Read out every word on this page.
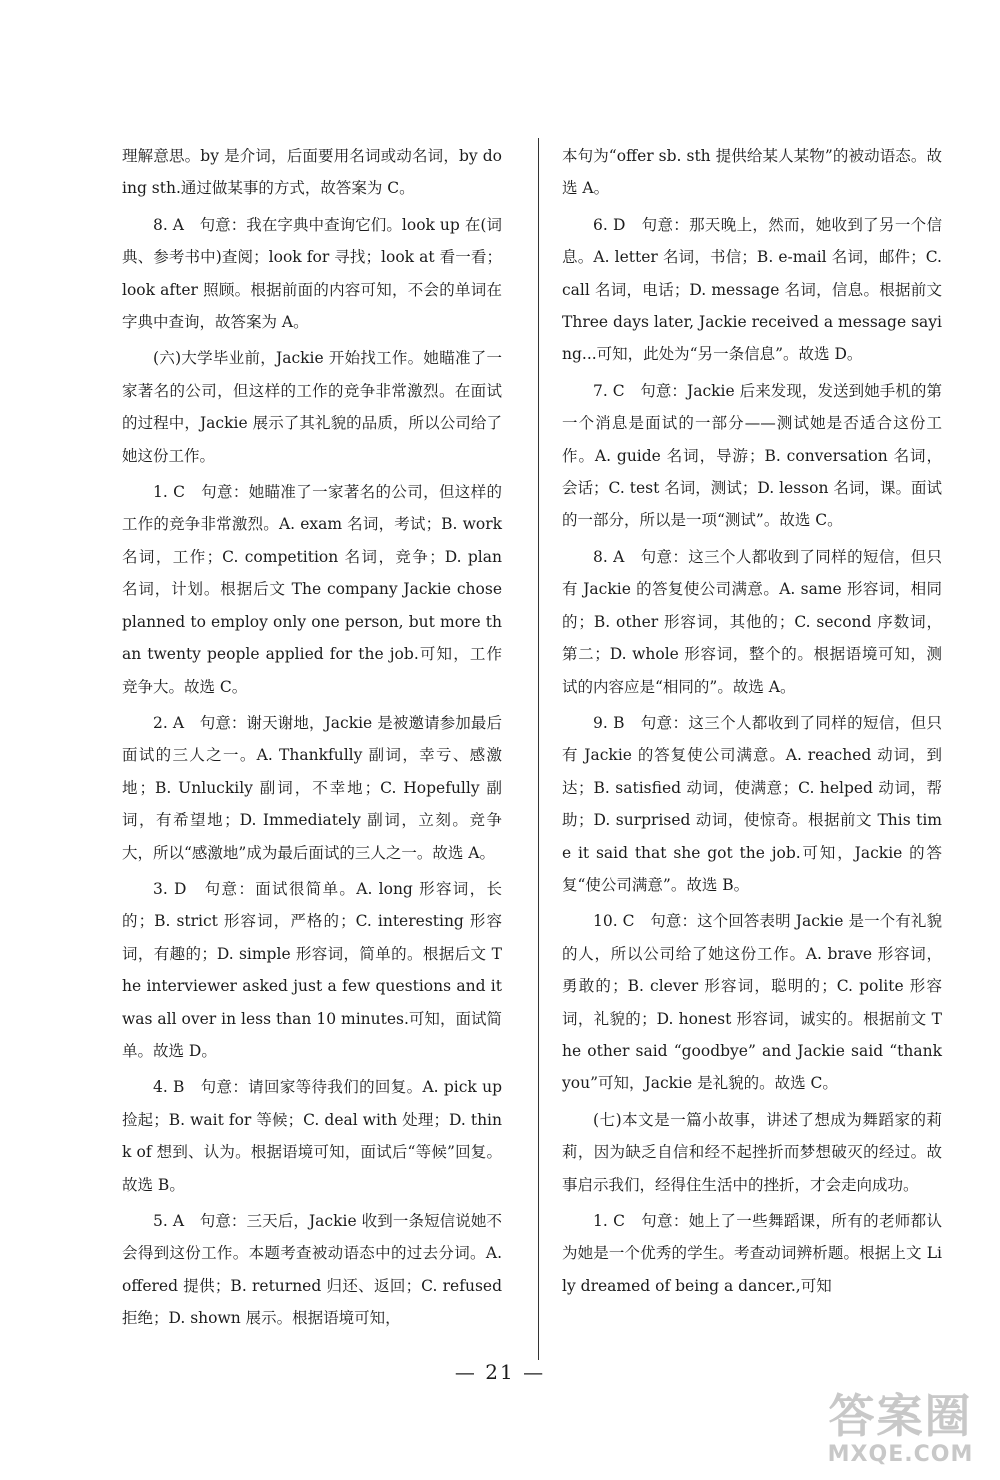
理解意思。by 是介词，后面要用名词或动名词，by doing sth.通过做某事的方式，故答案为 C。

8. A　句意：我在字典中查询它们。look up 在(词典、参考书中)查阅；look for 寻找；look at 看一看；look after 照顾。根据前面的内容可知，不会的单词在字典中查询，故答案为 A。

(六)大学毕业前，Jackie 开始找工作。她瞄准了一家著名的公司，但这样的工作的竞争非常激烈。在面试的过程中，Jackie 展示了其礼貌的品质，所以公司给了她这份工作。

1. C　句意：她瞄准了一家著名的公司，但这样的工作的竞争非常激烈。A. exam 名词，考试；B. work 名词，工作；C. competition 名词，竞争；D. plan 名词，计划。根据后文 The company Jackie chose planned to employ only one person, but more than twenty people applied for the job.可知，工作竞争大。故选 C。

2. A　句意：谢天谢地，Jackie 是被邀请参加最后面试的三人之一。A. Thankfully 副词，幸亏、感激地；B. Unluckily 副词，不幸地；C. Hopefully 副词，有希望地；D. Immediately 副词，立刻。竞争大，所以“感激地”成为最后面试的三人之一。故选 A。

3. D　句意：面试很简单。A. long 形容词，长的；B. strict 形容词，严格的；C. interesting 形容词，有趣的；D. simple 形容词，简单的。根据后文 The interviewer asked just a few questions and it was all over in less than 10 minutes.可知，面试简单。故选 D。

4. B　句意：请回家等待我们的回复。A. pick up 捡起；B. wait for 等候；C. deal with 处理；D. think of 想到、认为。根据语境可知，面试后“等候”回复。故选 B。

5. A　句意：三天后，Jackie 收到一条短信说她不会得到这份工作。本题考查被动语态中的过去分词。A. offered 提供；B. returned 归还、返回；C. refused 拒绝；D. shown 展示。根据语境可知，

本句为“offer sb. sth 提供给某人某物”的被动语态。故选 A。

6. D　句意：那天晚上，然而，她收到了另一个信息。A. letter 名词，书信；B. e-mail 名词，邮件；C. call 名词，电话；D. message 名词，信息。根据前文 Three days later, Jackie received a message saying...可知，此处为“另一条信息”。故选 D。

7. C　句意：Jackie 后来发现，发送到她手机的第一个消息是面试的一部分——测试她是否适合这份工作。A. guide 名词，导游；B. conversation 名词，会话；C. test 名词，测试；D. lesson 名词，课。面试的一部分，所以是一项“测试”。故选 C。

8. A　句意：这三个人都收到了同样的短信，但只有 Jackie 的答复使公司满意。A. same 形容词，相同的；B. other 形容词，其他的；C. second 序数词，第二；D. whole 形容词，整个的。根据语境可知，测试的内容应是“相同的”。故选 A。

9. B　句意：这三个人都收到了同样的短信，但只有 Jackie 的答复使公司满意。A. reached 动词，到达；B. satisfied 动词，使满意；C. helped 动词，帮助；D. surprised 动词，使惊奇。根据前文 This time it said that she got the job.可知，Jackie 的答复“使公司满意”。故选 B。

10. C　句意：这个回答表明 Jackie 是一个有礼貌的人，所以公司给了她这份工作。A. brave 形容词，勇敢的；B. clever 形容词，聪明的；C. polite 形容词，礼貌的；D. honest 形容词，诚实的。根据前文 The other said “goodbye” and Jackie said “thank you”可知，Jackie 是礼貌的。故选 C。

(七)本文是一篇小故事，讲述了想成为舞蹈家的莉莉，因为缺乏自信和经不起挫折而梦想破灭的经过。故事启示我们，经得住生活中的挫折，才会走向成功。

1. C　句意：她上了一些舞蹈课，所有的老师都认为她是一个优秀的学生。考查动词辨析题。根据上文 Lily dreamed of being a dancer.,可知

— 21 —
答案圈
MXQE.COM
